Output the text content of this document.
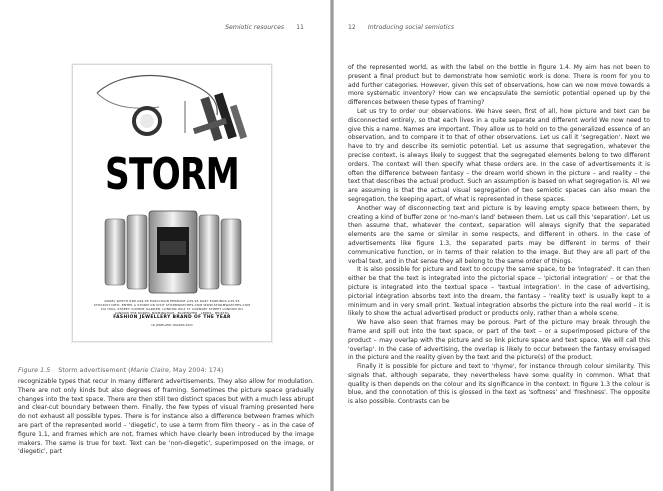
Semiotic resources 11
STORM
ANGEL WATCH RRP £99.95 EARLCHAIN PENDANT £39.95 RAZY EARRINGS £39.95
STOCKIST INFO: ENTER A STORM OR VISIT STORMWATCHES.COM WWW.STORMWATCHES.COM
CIA HOLL STREET COVENT GARDEN, LONDON WC2 37 CARNABY STREET LONDON W1
LONDON THE RODEO, BIRMINGHAM · BLUEWATER · LEEDS · BRISTOL
FASHION JEWELLERY BRAND OF THE YEAR
UK JEWELLERY AWARDS 2003
Figure 1.5 Storm advertisement (Marie Claire, May 2004: 174)

recognizable types that recur in many different advertisements. They also allow for modulation. There are not only kinds but also degrees of framing. Sometimes the picture space gradually changes into the text space. There are then still two distinct spaces but with a much less abrupt and clear-cut boundary between them. Finally, the few types of visual framing presented here do not exhaust all possible types. There is for instance also a difference between frames which are part of the represented world – 'diegetic', to use a term from film theory – as in the case of figure 1.1, and frames which are not, frames which have clearly been introduced by the image makers. The same is true for text. Text can be 'non-diegetic', superimposed on the image, or 'diegetic', part

12 Introducing social semiotics

of the represented world, as with the label on the bottle in figure 1.4. My aim has not been to present a final product but to demonstrate how semiotic work is done. There is room for you to add further categories. However, given this set of observations, how can we now move towards a more systematic inventory? How can we encapsulate the semiotic potential opened up by the differences between these types of framing?

Let us try to order our observations. We have seen, first of all, how picture and text can be disconnected entirely, so that each lives in a quite separate and different world We now need to give this a name. Names are important. They allow us to hold on to the generalized essence of an observation, and to compare it to that of other observations. Let us call it 'segregation'. Next we have to try and describe its semiotic potential. Let us assume that segregation, whatever the precise context, is always likely to suggest that the segregated elements belong to two different orders. The context will then specify what these orders are. In the case of advertisements it is often the difference between fantasy – the dream world shown in the picture – and reality – the text that describes the actual product. Such an assumption is based on what segregation is. All we are assuming is that the actual visual segregation of two semiotic spaces can also mean the segregation, the keeping apart, of what is represented in these spaces.

Another way of disconnecting text and picture is by leaving empty space between them, by creating a kind of buffer zone or 'no-man's land' between them. Let us call this 'separation'. Let us then assume that, whatever the context, separation will always signify that the separated elements are the same or similar in some respects, and different in others. In the case of advertisements like figure 1.3, the separated parts may be different in terms of their communicative function, or in terms of their relation to the image. But they are all part of the verbal text, and in that sense they all belong to the same order of things.

It is also possible for picture and text to occupy the same space, to be 'integrated'. It can then either be that the text is integrated into the pictorial space – 'pictorial integration' – or that the picture is integrated into the textual space – 'textual integration'. In the case of advertising, pictorial integration absorbs text into the dream, the fantasy – 'reality text' is usually kept to a minimum and in very small print. Textual integration absorbs the picture into the real world – it is likely to show the actual advertised product or products only, rather than a whole scene.

We have also seen that frames may be porous. Part of the picture may break through the frame and spill out into the text space, or part of the text – or a superimposed picture of the product – may overlap with the picture and so link picture space and text space. We will call this 'overlap'. In the case of advertising, the overlap is likely to occur between the fantasy envisaged in the picture and the reality given by the text and the picture(s) of the product.

Finally it is possible for picture and text to 'rhyme', for instance through colour similarity. This signals that, although separate, they nevertheless have some quality in common. What that quality is then depends on the colour and its significance in the context. In figure 1.3 the colour is blue, and the connotation of this is glossed in the text as 'softness' and 'freshness'. The opposite is also possible. Contrasts can be
